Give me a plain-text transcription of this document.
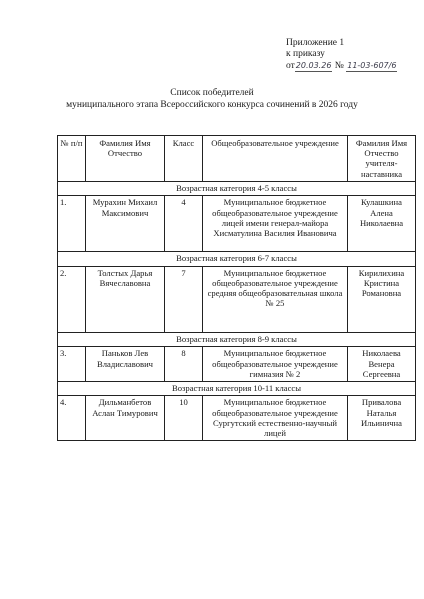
Приложение 1
к приказу
от20.03.26 № 11-03-607/6
Список победителей
муниципального этапа Всероссийского конкурса сочинений в 2026 году
№ п/п	Фамилия Имя Отчество	Класс	Общеобразовательное учреждение	Фамилия Имя Отчество учителя-наставника
Возрастная категория 4-5 классы				
1.	Мурахин Михаил Максимович	4	Муниципальное бюджетное общеобразовательное учреждение лицей имени генерал-майора Хисматулина Василия Ивановича	Кулашкина Алена Николаевна
Возрастная категория 6-7 классы				
2.	Толстых Дарья Вячеславовна	7	Муниципальное бюджетное общеобразовательное учреждение средняя общеобразовательная школа № 25	Кирилихина Кристина Романовна
Возрастная категория 8-9 классы				
3.	Паньков Лев Владиславович	8	Муниципальное бюджетное общеобразовательное учреждение гимназия № 2	Николаева Венера Сергеевна
Возрастная категория 10-11 классы				
4.	Дильманбетов Аслан Тимурович	10	Муниципальное бюджетное общеобразовательное учреждение Сургутский естественно-научный лицей	Привалова Наталья Ильинична
